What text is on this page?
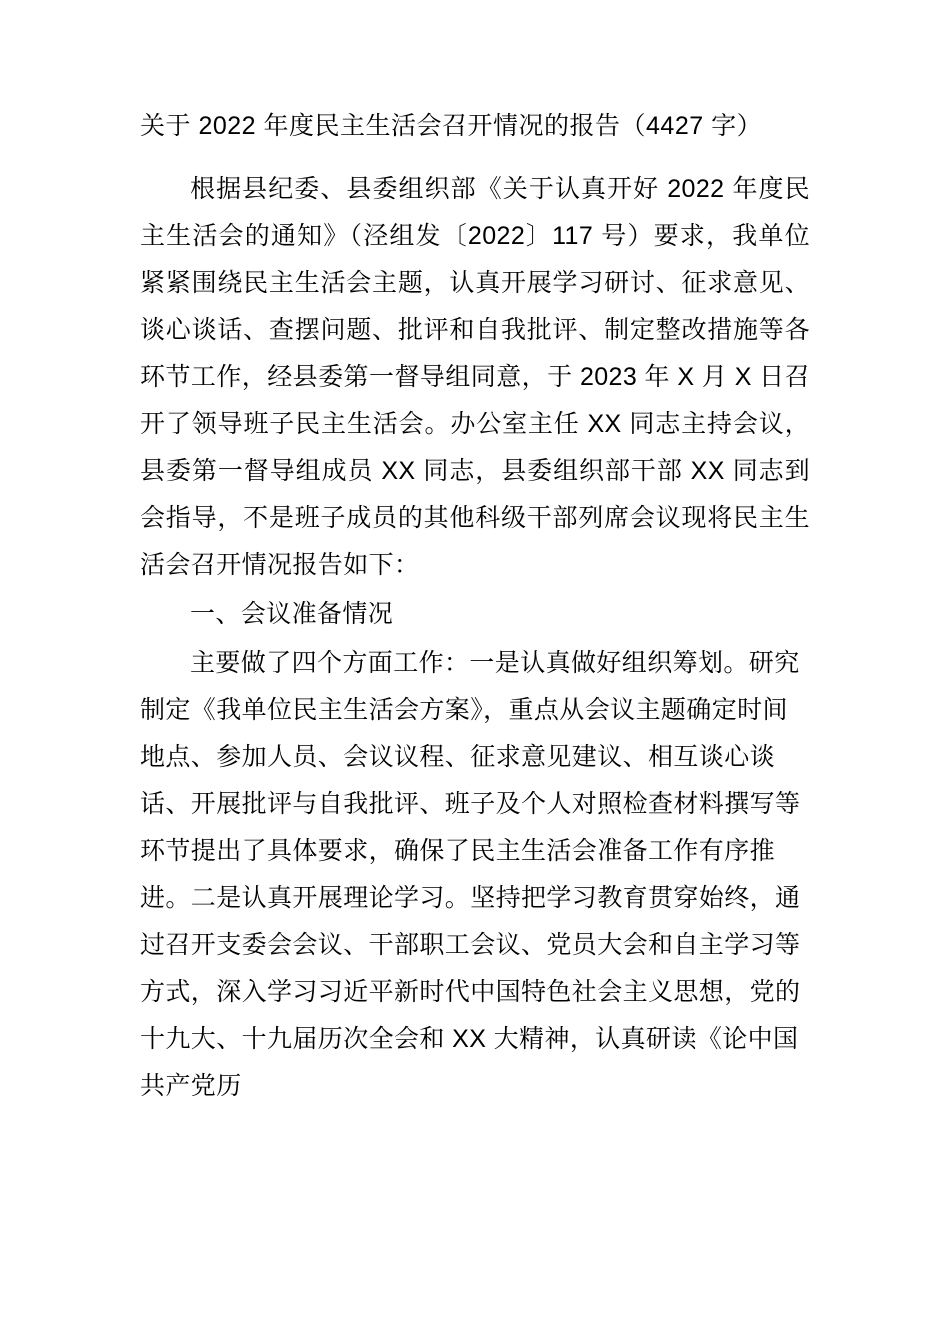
关于 2022 年度民主生活会召开情况的报告（4427 字）

根据县纪委、县委组织部《关于认真开好 2022 年度民主生活会的通知》（泾组发〔2022〕117 号）要求，我单位紧紧围绕民主生活会主题，认真开展学习研讨、征求意见、谈心谈话、查摆问题、批评和自我批评、制定整改措施等各环节工作，经县委第一督导组同意，于 2023 年 X 月 X 日召开了领导班子民主生活会。办公室主任 XX 同志主持会议，县委第一督导组成员 XX 同志，县委组织部干部 XX 同志到会指导，不是班子成员的其他科级干部列席会议现将民主生活会召开情况报告如下：

一、会议准备情况

主要做了四个方面工作：一是认真做好组织筹划。研究制定《我单位民主生活会方案》，重点从会议主题确定时间地点、参加人员、会议议程、征求意见建议、相互谈心谈话、开展批评与自我批评、班子及个人对照检查材料撰写等环节提出了具体要求，确保了民主生活会准备工作有序推进。二是认真开展理论学习。坚持把学习教育贯穿始终，通过召开支委会会议、干部职工会议、党员大会和自主学习等方式，深入学习习近平新时代中国特色社会主义思想，党的十九大、十九届历次全会和 XX 大精神，认真研读《论中国共产党历
